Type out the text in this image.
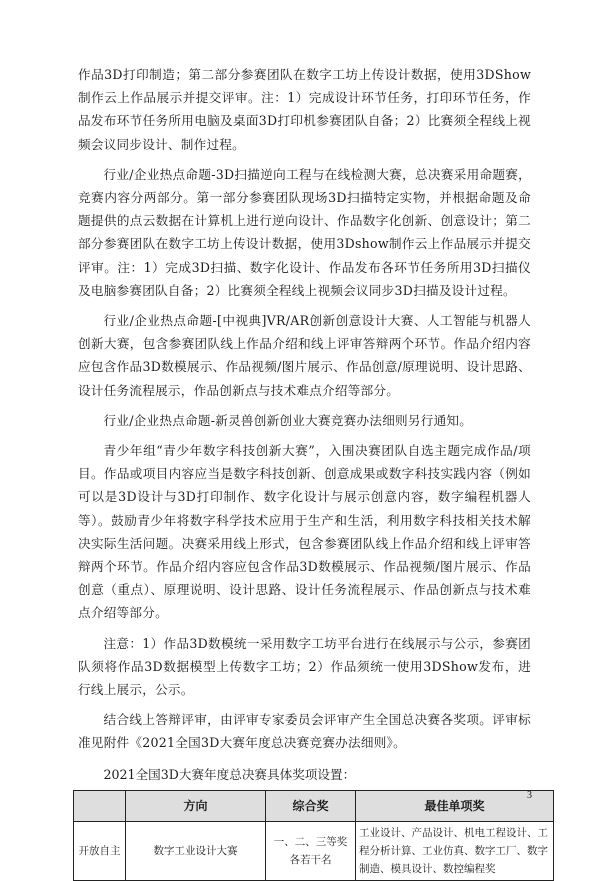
作品3D打印制造；第二部分参赛团队在数字工坊上传设计数据，使用3DShow制作云上作品展示并提交评审。注：1）完成设计环节任务，打印环节任务，作品发布环节任务所用电脑及桌面3D打印机参赛团队自备；2）比赛须全程线上视频会议同步设计、制作过程。

行业/企业热点命题-3D扫描逆向工程与在线检测大赛，总决赛采用命题赛，竞赛内容分两部分。第一部分参赛团队现场3D扫描特定实物，并根据命题及命题提供的点云数据在计算机上进行逆向设计、作品数字化创新、创意设计；第二部分参赛团队在数字工坊上传设计数据，使用3Dshow制作云上作品展示并提交评审。注：1）完成3D扫描、数字化设计、作品发布各环节任务所用3D扫描仪及电脑参赛团队自备；2）比赛须全程线上视频会议同步3D扫描及设计过程。

行业/企业热点命题-[中视典]VR/AR创新创意设计大赛、人工智能与机器人创新大赛，包含参赛团队线上作品介绍和线上评审答辩两个环节。作品介绍内容应包含作品3D数模展示、作品视频/图片展示、作品创意/原理说明、设计思路、设计任务流程展示，作品创新点与技术难点介绍等部分。

行业/企业热点命题-新灵兽创新创业大赛竞赛办法细则另行通知。

青少年组“青少年数字科技创新大赛”，入围决赛团队自选主题完成作品/项目。作品或项目内容应当是数字科技创新、创意成果或数字科技实践内容（例如可以是3D设计与3D打印制作、数字化设计与展示创意内容，数字编程机器人等）。鼓励青少年将数字科学技术应用于生产和生活，利用数字科技相关技术解决实际生活问题。决赛采用线上形式，包含参赛团队线上作品介绍和线上评审答辩两个环节。作品介绍内容应包含作品3D数模展示、作品视频/图片展示、作品创意（重点）、原理说明、设计思路、设计任务流程展示、作品创新点与技术难点介绍等部分。

注意：1）作品3D数模统一采用数字工坊平台进行在线展示与公示，参赛团队须将作品3D数据模型上传数字工坊；2）作品须统一使用3DShow发布，进行线上展示，公示。

结合线上答辩评审，由评审专家委员会评审产生全国总决赛各奖项。评审标准见附件《2021全国3D大赛年度总决赛竞赛办法细则》。

2021全国3D大赛年度总决赛具体奖项设置：

	方向	综合奖	最佳单项奖
开放自主	数字工业设计大赛	一、二、三等奖各若干名	工业设计、产品设计、机电工程设计、工程分析计算、工业仿真、数字工厂、数字制造、模具设计、数控编程奖
3
